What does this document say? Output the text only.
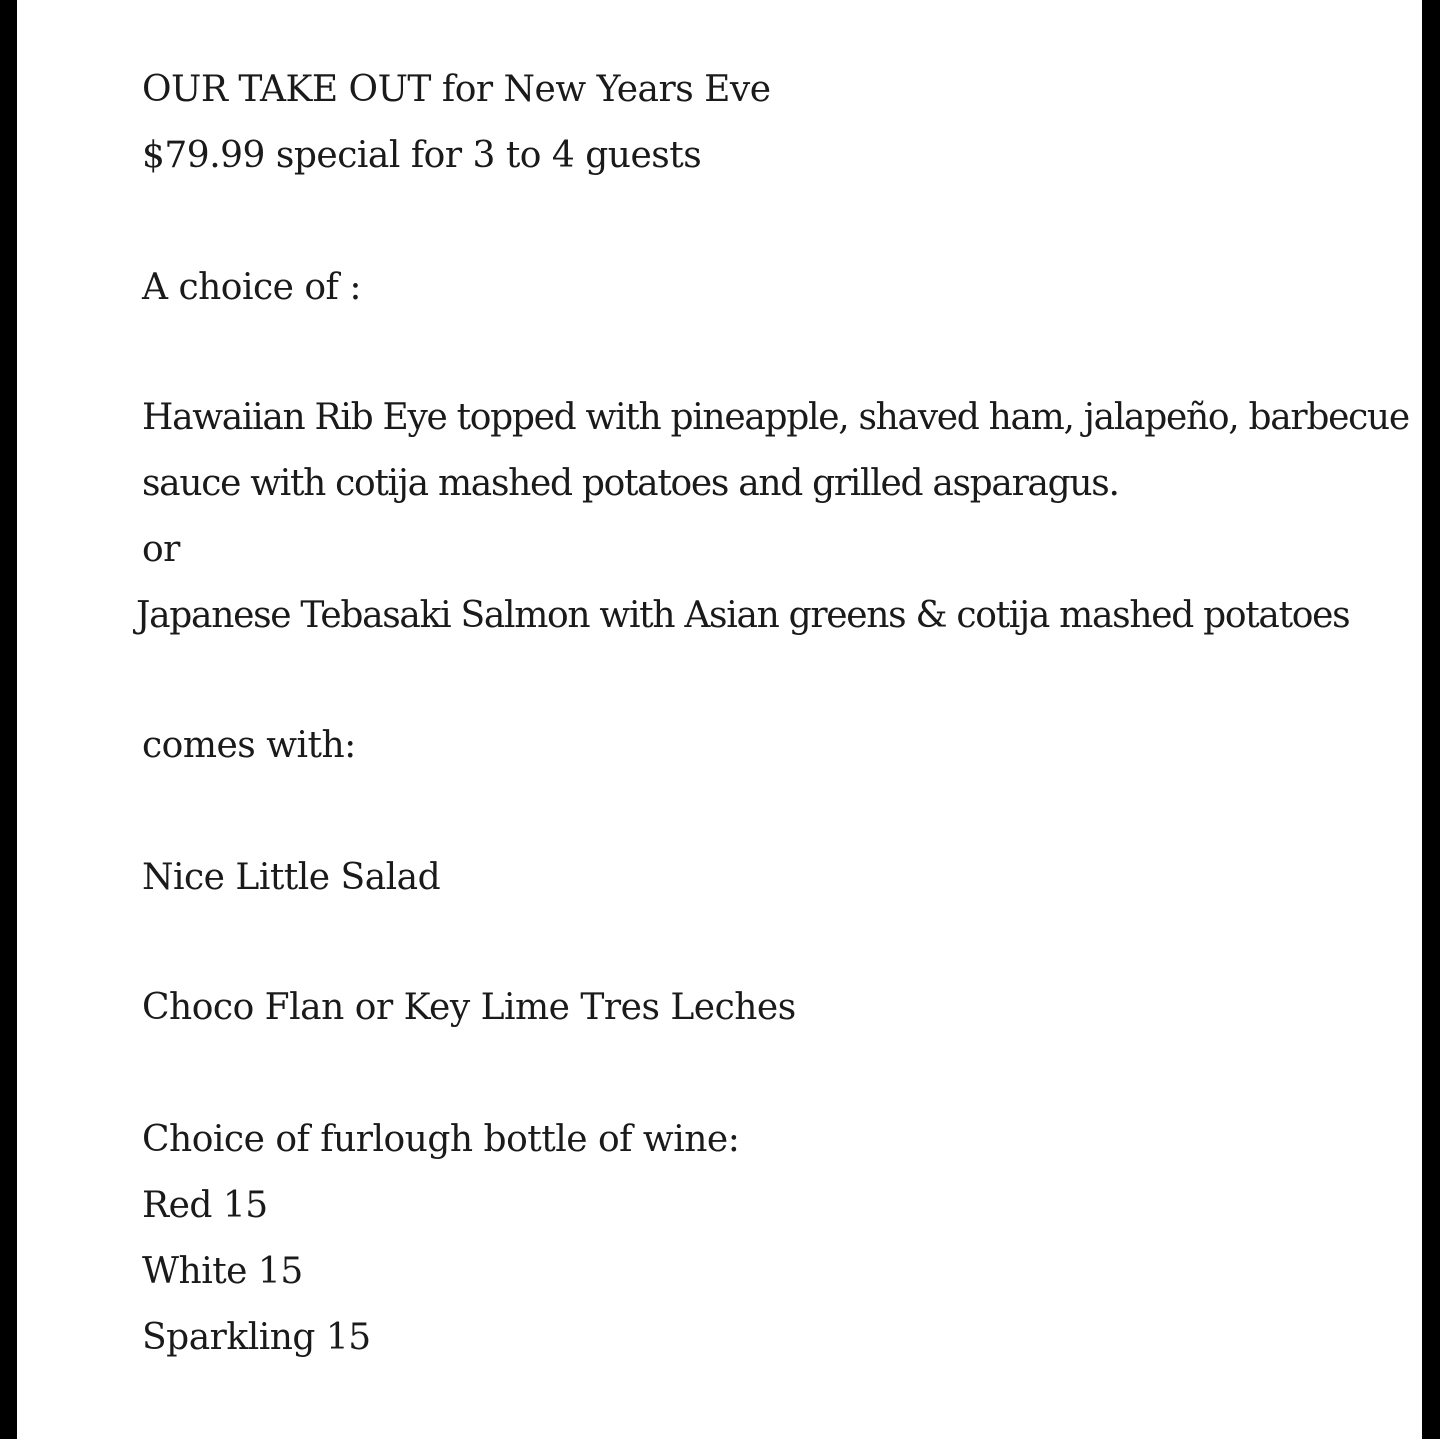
OUR TAKE OUT for New Years Eve

$79.99 special for 3 to 4 guests

A choice of :

Hawaiian Rib Eye topped with pineapple, shaved ham, jalapeño, barbecue

sauce with cotija mashed potatoes and grilled asparagus.

or

Japanese Tebasaki Salmon with Asian greens & cotija mashed potatoes

comes with:

Nice Little Salad

Choco Flan or Key Lime Tres Leches

Choice of furlough bottle of wine:

Red 15

White 15

Sparkling 15
